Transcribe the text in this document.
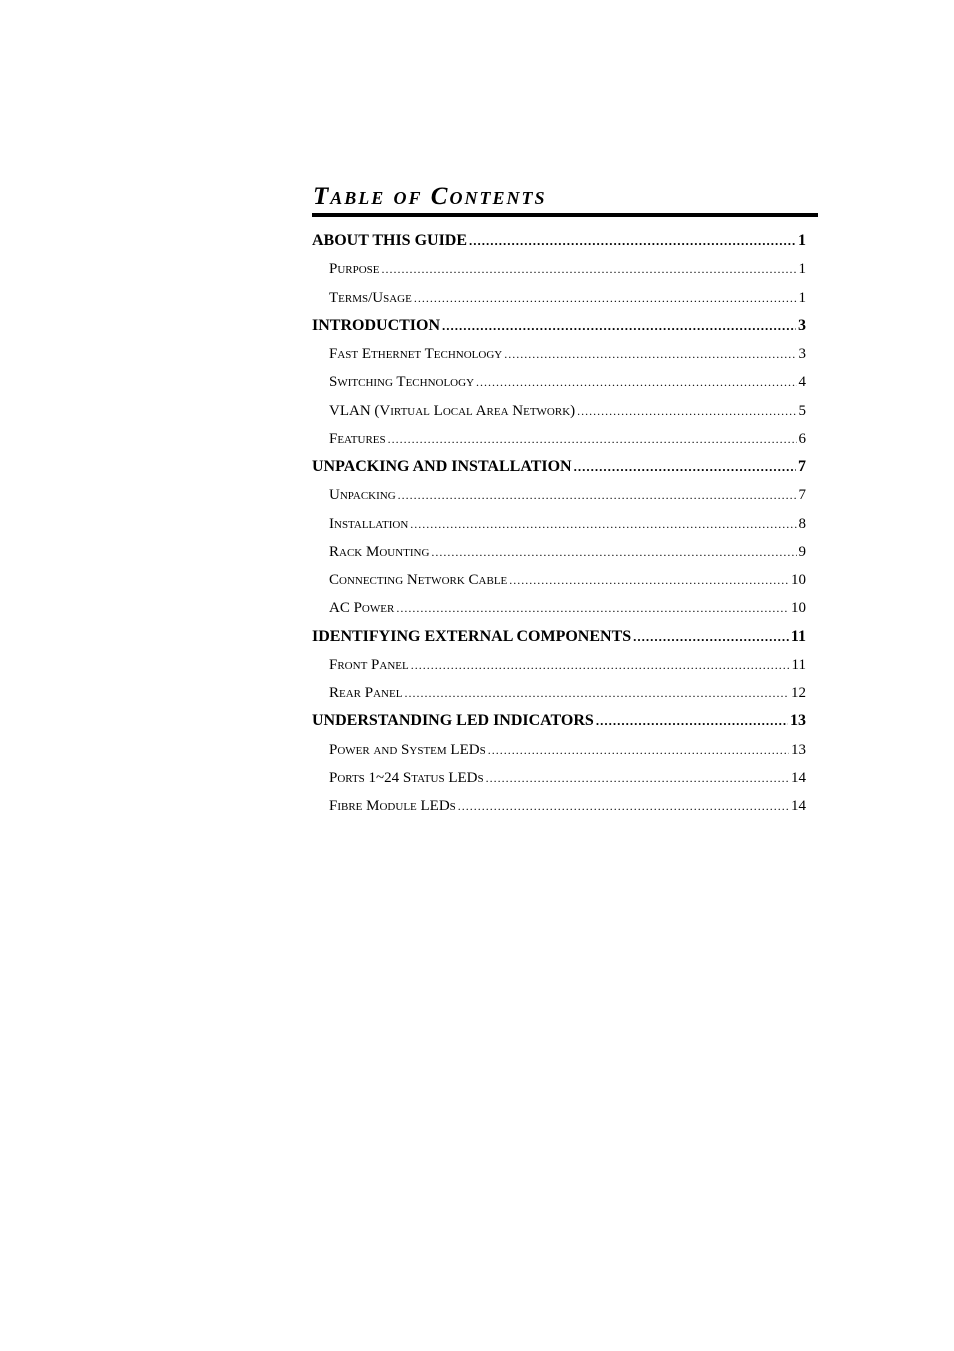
Table of Contents
ABOUT THIS GUIDE .....	1
Purpose .....	1
Terms/Usage .....	1
INTRODUCTION .....	3
Fast Ethernet Technology .....	3
Switching Technology .....	4
VLAN (Virtual Local Area Network) .....	5
Features .....	6
UNPACKING AND INSTALLATION .....	7
Unpacking .....	7
Installation .....	8
Rack Mounting .....	9
Connecting Network Cable .....	10
AC Power .....	10
IDENTIFYING EXTERNAL COMPONENTS .....	11
Front Panel .....	11
Rear Panel .....	12
UNDERSTANDING LED INDICATORS .....	13
Power and System LEDs .....	13
Ports 1~24 Status LEDs .....	14
Fibre Module LEDs .....	14
